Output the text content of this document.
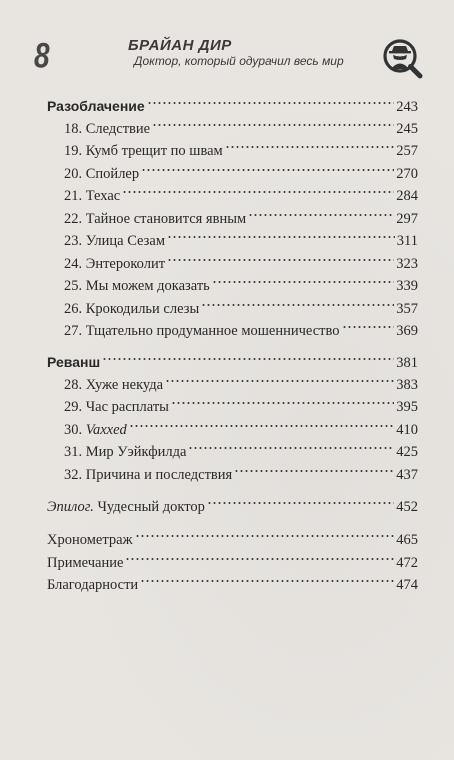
8	БРАЙАН ДИР
Доктор, который одурачил весь мир
Разоблачение	243
18. Следствие	245
19. Кумб трещит по швам	257
20. Спойлер	270
21. Техас	284
22. Тайное становится явным	297
23. Улица Сезам	311
24. Энтероколит	323
25. Мы можем доказать	339
26. Крокодильи слезы	357
27. Тщательно продуманное мошенничество	369
Реванш	381
28. Хуже некуда	383
29. Час расплаты	395
30. Vaxxed	410
31. Мир Уэйкфилда	425
32. Причина и последствия	437
Эпилог. Чудесный доктор	452
Хронометраж	465
Примечание	472
Благодарности	474
